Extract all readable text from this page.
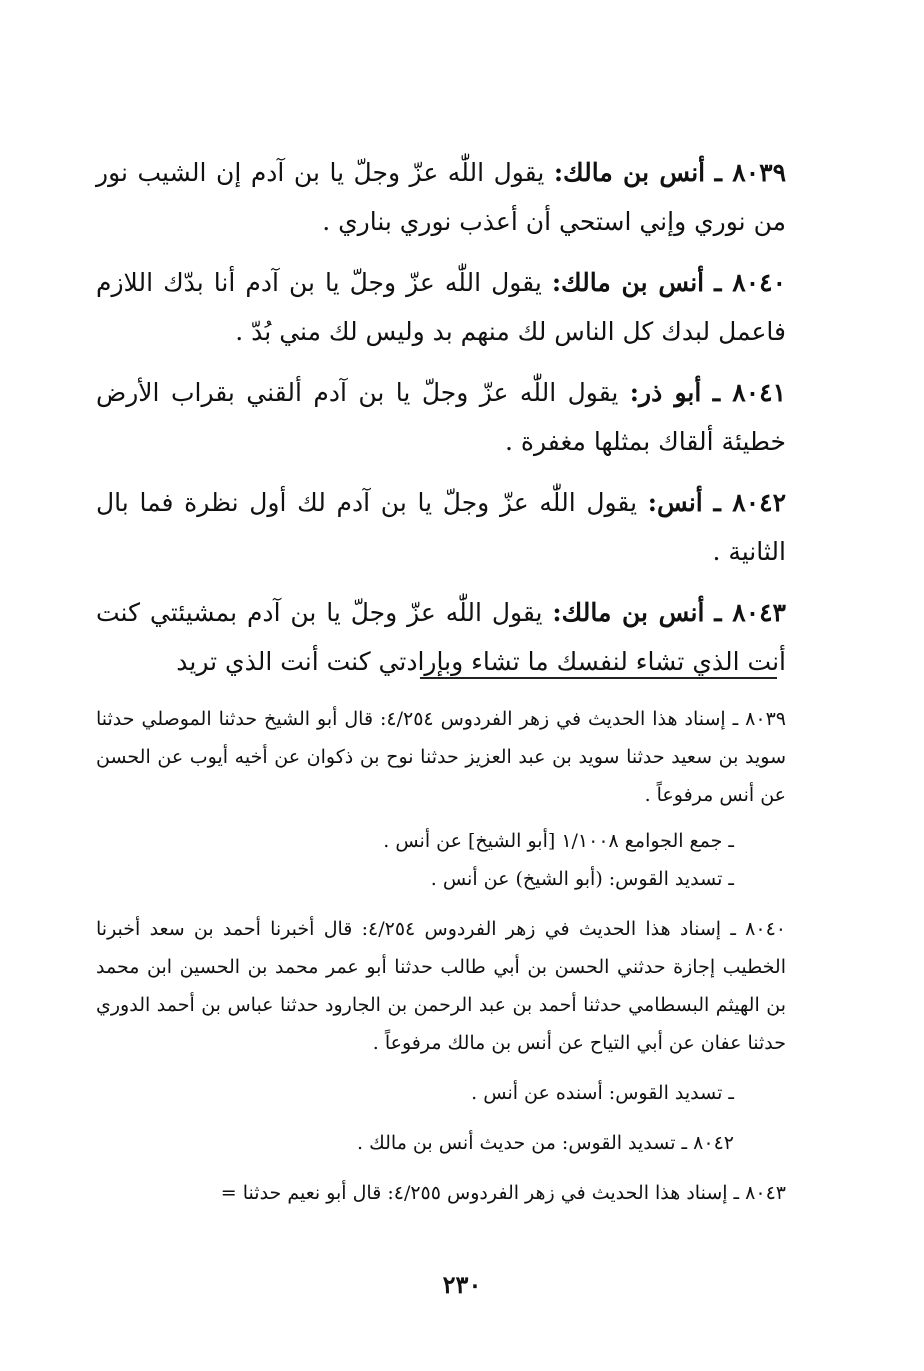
٨٠٣٩ ـ أنس بن مالك: يقول اللّٰه عزّ وجلّ يا بن آدم إن الشيب نور من نوري وإني استحي أن أعذب نوري بناري .

٨٠٤٠ ـ أنس بن مالك: يقول اللّٰه عزّ وجلّ يا بن آدم أنا بدّك اللازم فاعمل لبدك كل الناس لك منهم بد وليس لك مني بُدّ .

٨٠٤١ ـ أبو ذر: يقول اللّٰه عزّ وجلّ يا بن آدم ألقني بقراب الأرض خطيئة ألقاك بمثلها مغفرة .

٨٠٤٢ ـ أنس: يقول اللّٰه عزّ وجلّ يا بن آدم لك أول نظرة فما بال الثانية .

٨٠٤٣ ـ أنس بن مالك: يقول اللّٰه عزّ وجلّ يا بن آدم بمشيئتي كنت أنت الذي تشاء لنفسك ما تشاء وبإرادتي كنت أنت الذي تريد

٨٠٣٩ ـ إسناد هذا الحديث في زهر الفردوس ٤/٢٥٤: قال أبو الشيخ حدثنا الموصلي حدثنا سويد بن سعيد حدثنا سويد بن عبد العزيز حدثنا نوح بن ذكوان عن أخيه أيوب عن الحسن عن أنس مرفوعاً .

ـ جمع الجوامع ١/١٠٠٨ [أبو الشيخ] عن أنس .

ـ تسديد القوس: (أبو الشيخ) عن أنس .

٨٠٤٠ ـ إسناد هذا الحديث في زهر الفردوس ٤/٢٥٤: قال أخبرنا أحمد بن سعد أخبرنا الخطيب إجازة حدثني الحسن بن أبي طالب حدثنا أبو عمر محمد بن الحسين ابن محمد بن الهيثم البسطامي حدثنا أحمد بن عبد الرحمن بن الجارود حدثنا عباس بن أحمد الدوري حدثنا عفان عن أبي التياح عن أنس بن مالك مرفوعاً .

ـ تسديد القوس: أسنده عن أنس .

٨٠٤٢ ـ تسديد القوس: من حديث أنس بن مالك .

٨٠٤٣ ـ إسناد هذا الحديث في زهر الفردوس ٤/٢٥٥: قال أبو نعيم حدثنا =

٢٣٠
